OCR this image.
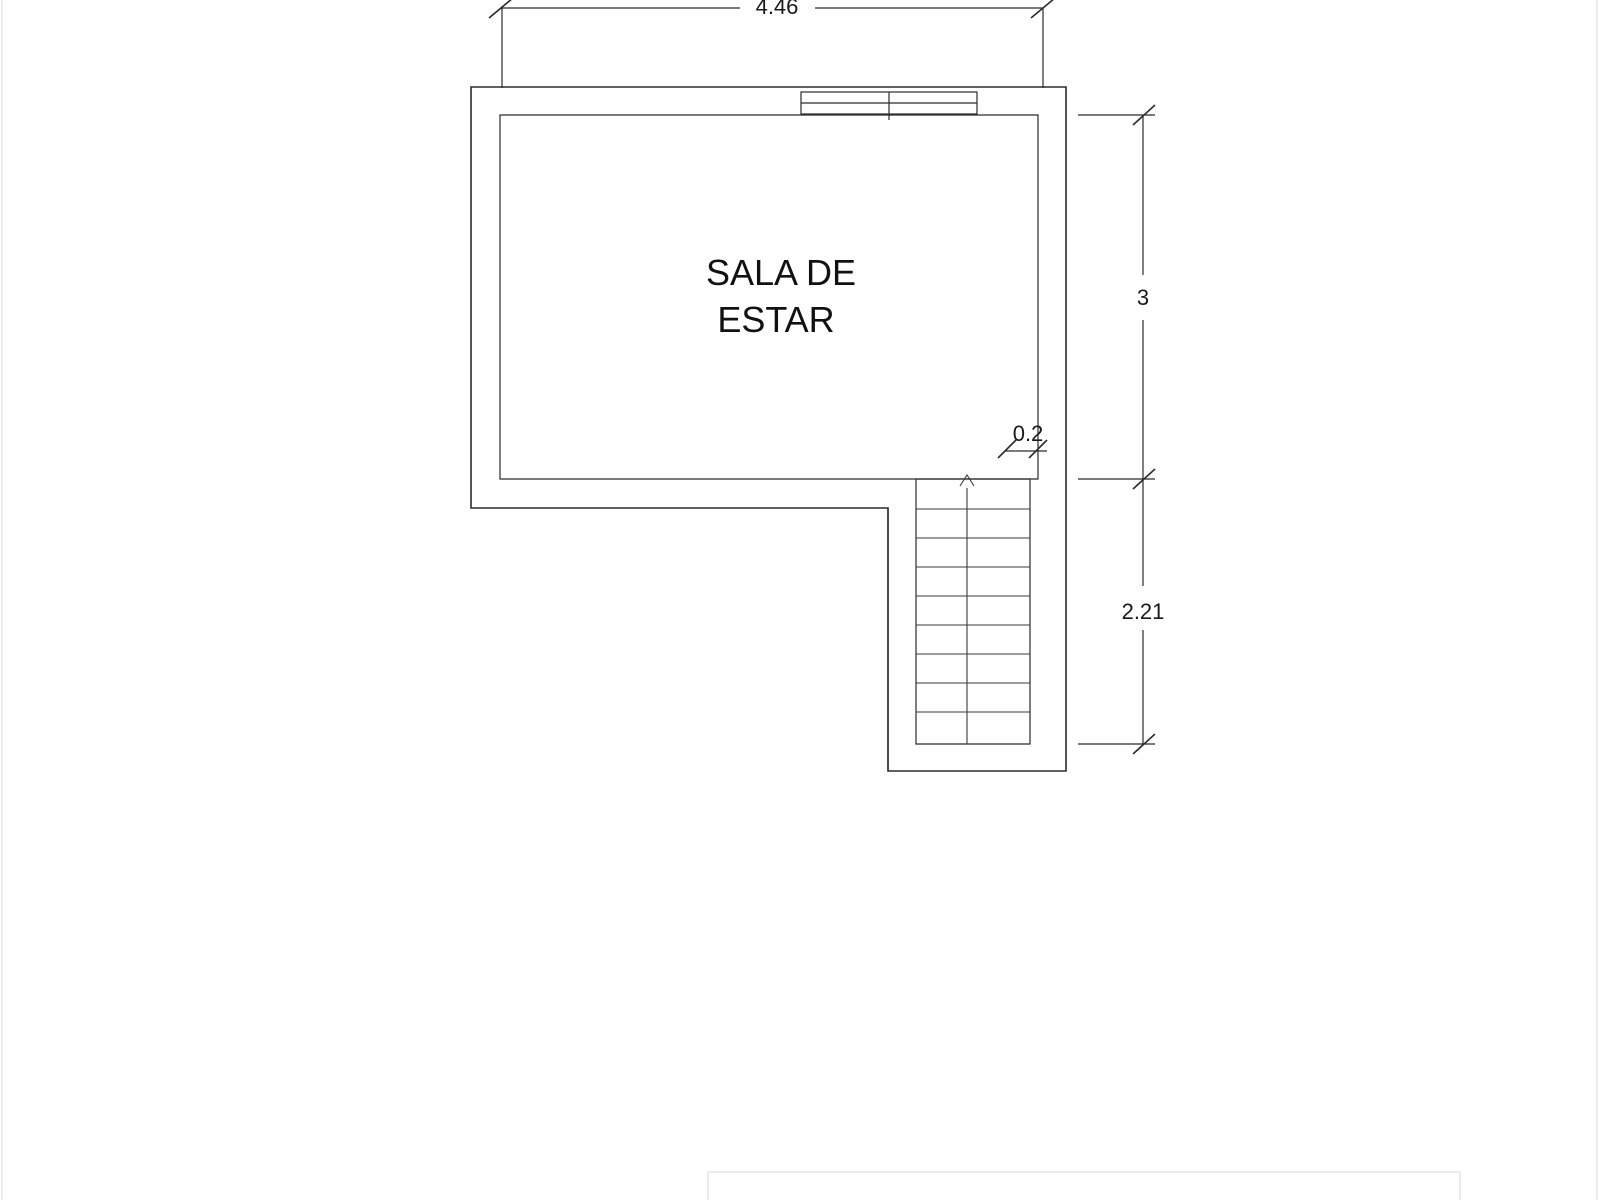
4.46
3
2.21
0.2
SALA DE
ESTAR
